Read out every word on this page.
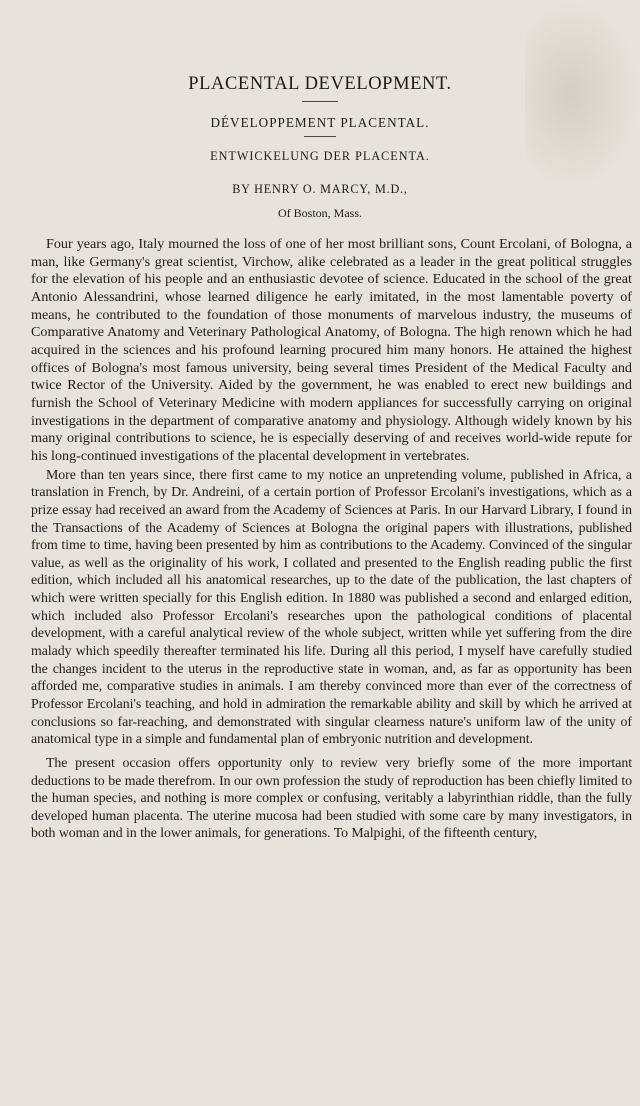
PLACENTAL DEVELOPMENT.
DÉVELOPPEMENT PLACENTAL.
ENTWICKELUNG DER PLACENTA.
BY HENRY O. MARCY, M.D.,
Of Boston, Mass.

Four years ago, Italy mourned the loss of one of her most brilliant sons, Count Ercolani, of Bologna, a man, like Germany's great scientist, Virchow, alike celebrated as a leader in the great political struggles for the elevation of his people and an enthusiastic devotee of science. Educated in the school of the great Antonio Alessandrini, whose learned diligence he early imitated, in the most lamentable poverty of means, he contributed to the foundation of those monuments of marvelous industry, the museums of Comparative Anatomy and Veterinary Pathological Anatomy, of Bologna. The high renown which he had acquired in the sciences and his profound learning procured him many honors. He attained the highest offices of Bologna's most famous university, being several times President of the Medical Faculty and twice Rector of the University. Aided by the government, he was enabled to erect new buildings and furnish the School of Veterinary Medicine with modern appliances for successfully carrying on original investigations in the department of comparative anatomy and physiology. Although widely known by his many original contributions to science, he is especially deserving of and receives world-wide repute for his long-continued investigations of the placental development in vertebrates.

More than ten years since, there first came to my notice an unpretending volume, published in Africa, a translation in French, by Dr. Andreini, of a certain portion of Professor Ercolani's investigations, which as a prize essay had received an award from the Academy of Sciences at Paris. In our Harvard Library, I found in the Transactions of the Academy of Sciences at Bologna the original papers with illustrations, published from time to time, having been presented by him as contributions to the Academy. Convinced of the singular value, as well as the originality of his work, I collated and presented to the English reading public the first edition, which included all his anatomical researches, up to the date of the publication, the last chapters of which were written specially for this English edition. In 1880 was published a second and enlarged edition, which included also Professor Ercolani's researches upon the pathological conditions of placental development, with a careful analytical review of the whole subject, written while yet suffering from the dire malady which speedily thereafter terminated his life. During all this period, I myself have carefully studied the changes incident to the uterus in the reproductive state in woman, and, as far as opportunity has been afforded me, comparative studies in animals. I am thereby convinced more than ever of the correctness of Professor Ercolani's teaching, and hold in admiration the remarkable ability and skill by which he arrived at conclusions so far-reaching, and demonstrated with singular clearness nature's uniform law of the unity of anatomical type in a simple and fundamental plan of embryonic nutrition and development.

The present occasion offers opportunity only to review very briefly some of the more important deductions to be made therefrom. In our own profession the study of reproduction has been chiefly limited to the human species, and nothing is more complex or confusing, veritably a labyrinthian riddle, than the fully developed human placenta. The uterine mucosa had been studied with some care by many investigators, in both woman and in the lower animals, for generations. To Malpighi, of the fifteenth century,
